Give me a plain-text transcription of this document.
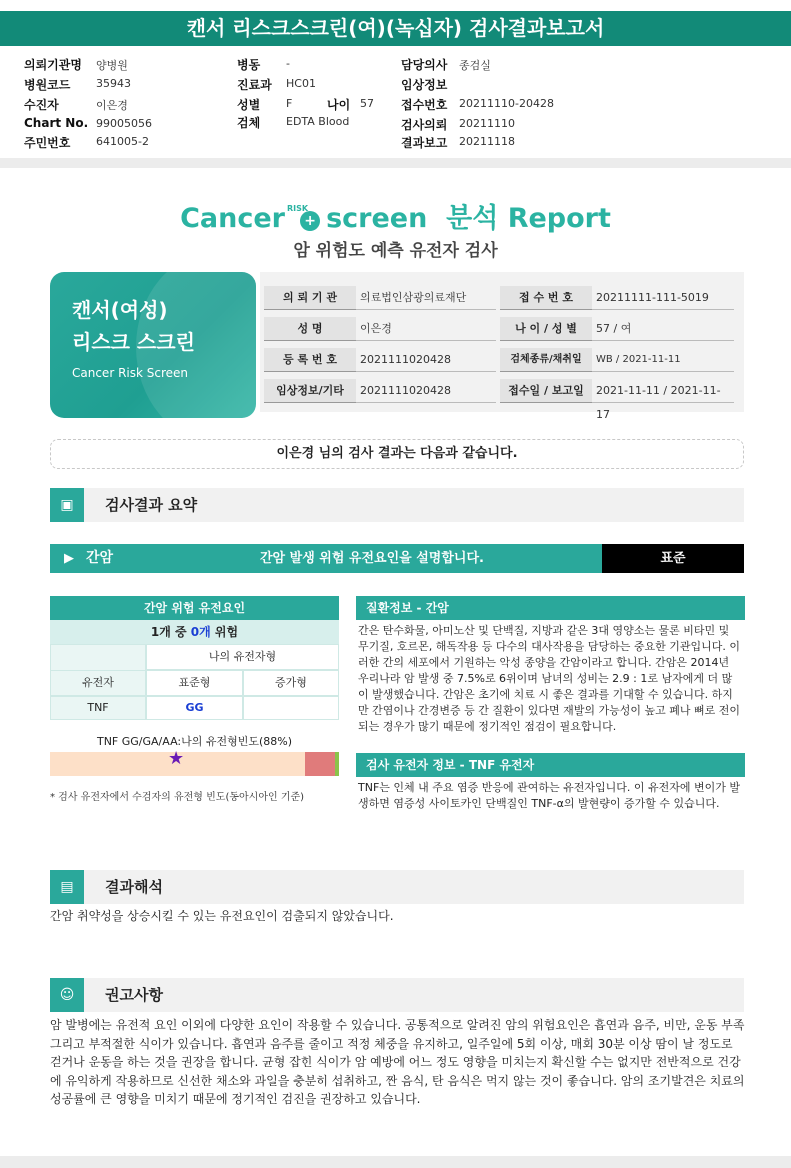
캔서 리스크스크린(여)(녹십자) 검사결과보고서
의뢰기관명 양병원
병원코드 35943
수진자	이은경
Chart No. 99005056
주민번호 641005-2
병동 -
진료과 HC01
성별 F	나이 57
검체 EDTA Blood
담당의사 종검실
임상정보
접수번호 20211110-20428
검사의뢰 20211110
결과보고 20211118
Cancer $^{RISK}$+ screen 분석 Report
암 위험도 예측 유전자 검사
캔서(여성)
리스크 스크린
Cancer Risk Screen
의 뢰 기 관	의료법인삼광의료재단	접 수 번 호	20211111-111-5019
성 명	이은경	나 이 / 성 별	57 / 여
등 록 번 호	2021111020428	검체종류/채취일	WB / 2021-11-11
임상정보/기타	2021111020428	접수일 / 보고일	2021-11-11 / 2021-11-17
이은경 님의 검사 결과는 다음과 같습니다.
▣	검사결과 요약
▶ 간암	간암 발생 위험 유전요인을 설명합니다.	표준
간암 위험 유전요인
1개 중 0개 위험
나의 유전자형
유전자	표준형	증가형
TNF	GG
TNF GG/GA/AA:나의 유전형빈도(88%)
★
* 검사 유전자에서 수검자의 유전형 빈도(동아시아인 기준)
질환정보 - 간암
간은 탄수화물, 아미노산 및 단백질, 지방과 같은 3대 영양소는 물론 비타민 및 무기질, 호르몬, 해독작용 등 다수의 대사작용을 담당하는 중요한 기관입니다. 이러한 간의 세포에서 기원하는 악성 종양을 간암이라고 합니다. 간암은 2014년 우리나라 암 발생 중 7.5%로 6위이며 남녀의 성비는 2.9 : 1로 남자에게 더 많이 발생했습니다. 간암은 초기에 치료 시 좋은 결과를 기대할 수 있습니다. 하지만 간염이나 간경변증 등 간 질환이 있다면 재발의 가능성이 높고 폐나 뼈로 전이되는 경우가 많기 때문에 정기적인 점검이 필요합니다.
검사 유전자 정보 - TNF 유전자
TNF는 인체 내 주요 염증 반응에 관여하는 유전자입니다. 이 유전자에 변이가 발생하면 염증성 사이토카인 단백질인 TNF-α의 발현량이 증가할 수 있습니다.
▤	결과해석
간암 취약성을 상승시킬 수 있는 유전요인이 검출되지 않았습니다.
☺	권고사항
암 발병에는 유전적 요인 이외에 다양한 요인이 작용할 수 있습니다. 공통적으로 알려진 암의 위험요인은 흡연과 음주, 비만, 운동 부족 그리고 부적절한 식이가 있습니다. 흡연과 음주를 줄이고 적정 체중을 유지하고, 일주일에 5회 이상, 매회 30분 이상 땀이 날 정도로 걷거나 운동을 하는 것을 권장을 합니다. 균형 잡힌 식이가 암 예방에 어느 정도 영향을 미치는지 확신할 수는 없지만 전반적으로 건강에 유익하게 작용하므로 신선한 채소와 과일을 충분히 섭취하고, 짠 음식, 탄 음식은 먹지 않는 것이 좋습니다. 암의 조기발견은 치료의 성공률에 큰 영향을 미치기 때문에 정기적인 검진을 권장하고 있습니다.
